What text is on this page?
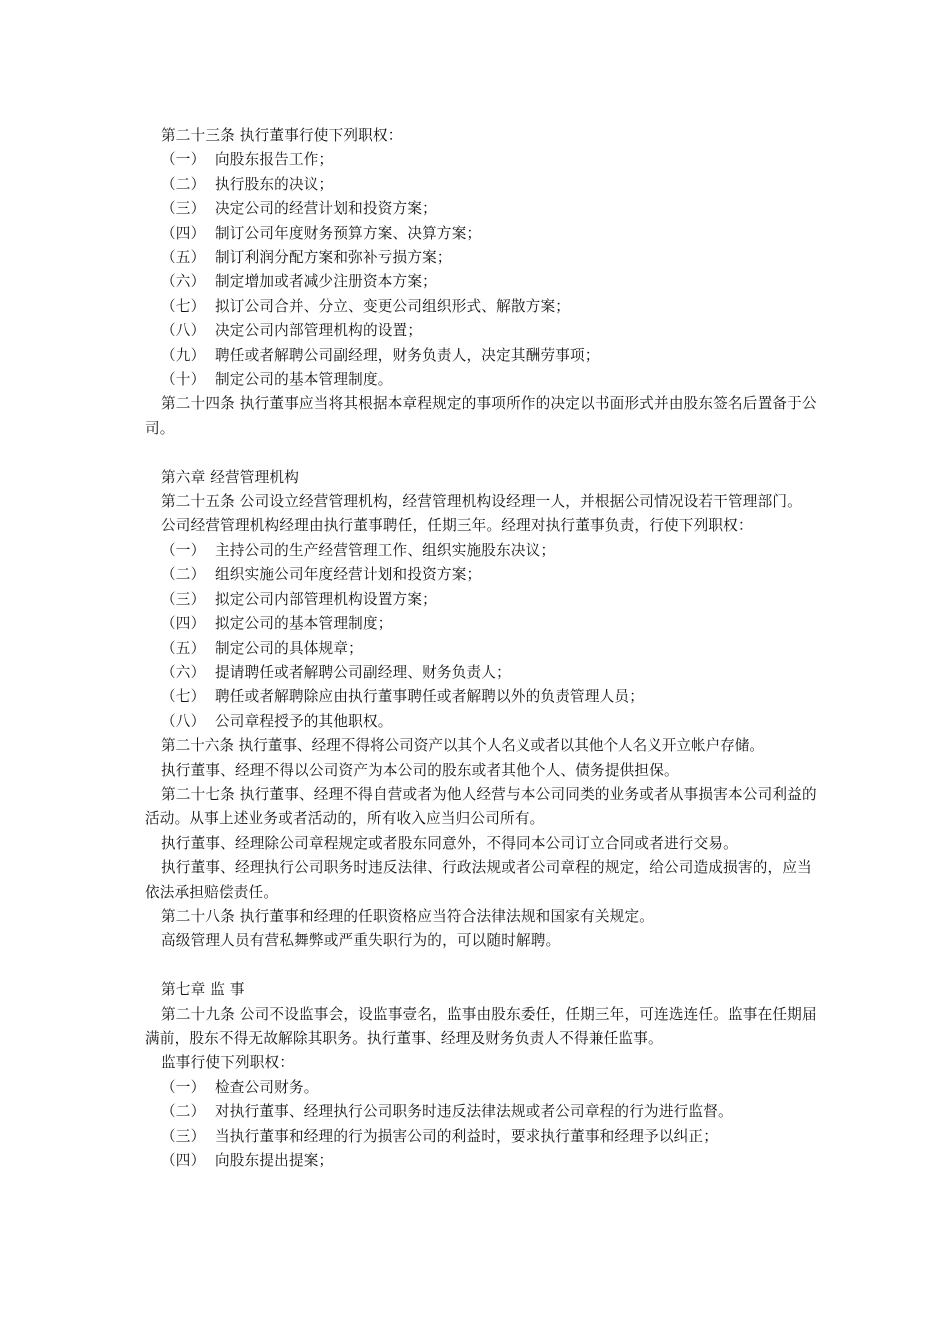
第二十三条 执行董事行使下列职权：

（一） 向股东报告工作；
（二） 执行股东的决议；
（三） 决定公司的经营计划和投资方案；
（四） 制订公司年度财务预算方案、决算方案；
（五） 制订利润分配方案和弥补亏损方案；
（六） 制定增加或者减少注册资本方案；
（七） 拟订公司合并、分立、变更公司组织形式、解散方案；
（八） 决定公司内部管理机构的设置；
（九） 聘任或者解聘公司副经理，财务负责人，决定其酬劳事项；
（十） 制定公司的基本管理制度。

第二十四条 执行董事应当将其根据本章程规定的事项所作的决定以书面形式并由股东签名后置备于公司。

第六章 经营管理机构

第二十五条 公司设立经营管理机构，经营管理机构设经理一人，并根据公司情况设若干管理部门。

公司经营管理机构经理由执行董事聘任，任期三年。经理对执行董事负责，行使下列职权：

（一） 主持公司的生产经营管理工作、组织实施股东决议；
（二） 组织实施公司年度经营计划和投资方案；
（三） 拟定公司内部管理机构设置方案；
（四） 拟定公司的基本管理制度；
（五） 制定公司的具体规章；
（六） 提请聘任或者解聘公司副经理、财务负责人；
（七） 聘任或者解聘除应由执行董事聘任或者解聘以外的负责管理人员；
（八） 公司章程授予的其他职权。

第二十六条 执行董事、经理不得将公司资产以其个人名义或者以其他个人名义开立帐户存储。

执行董事、经理不得以公司资产为本公司的股东或者其他个人、债务提供担保。

第二十七条 执行董事、经理不得自营或者为他人经营与本公司同类的业务或者从事损害本公司利益的活动。从事上述业务或者活动的，所有收入应当归公司所有。

执行董事、经理除公司章程规定或者股东同意外，不得同本公司订立合同或者进行交易。

执行董事、经理执行公司职务时违反法律、行政法规或者公司章程的规定，给公司造成损害的，应当依法承担赔偿责任。

第二十八条 执行董事和经理的任职资格应当符合法律法规和国家有关规定。

高级管理人员有营私舞弊或严重失职行为的，可以随时解聘。

第七章 监 事

第二十九条 公司不设监事会，设监事壹名，监事由股东委任，任期三年，可连选连任。监事在任期届满前，股东不得无故解除其职务。执行董事、经理及财务负责人不得兼任监事。

监事行使下列职权：

（一） 检查公司财务。
（二） 对执行董事、经理执行公司职务时违反法律法规或者公司章程的行为进行监督。
（三） 当执行董事和经理的行为损害公司的利益时，要求执行董事和经理予以纠正；
（四） 向股东提出提案；
